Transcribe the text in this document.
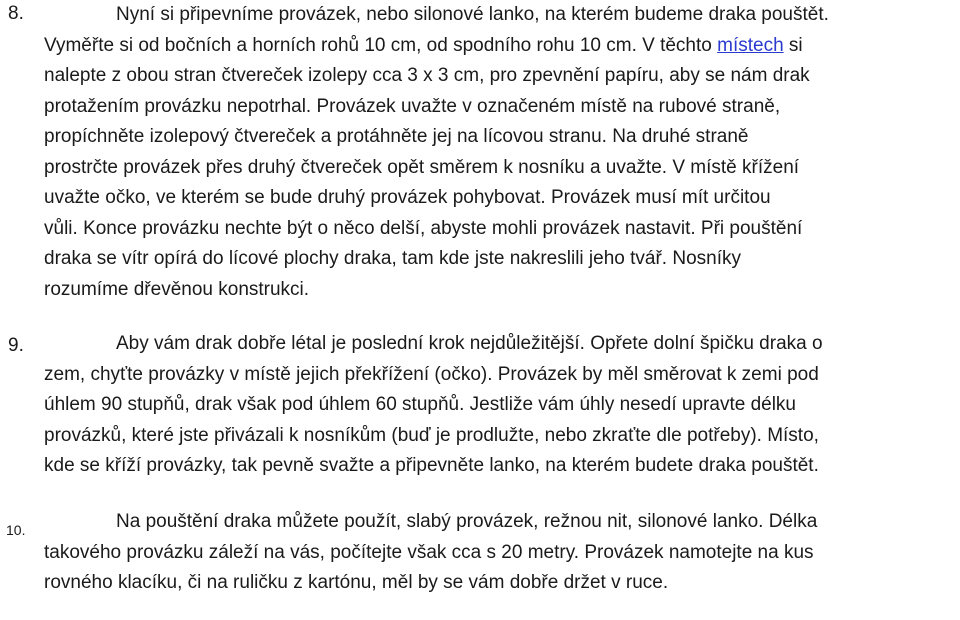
8.	Nyní si připevníme provázek, nebo silonové lanko, na kterém budeme draka pouštět.
Vyměřte si od bočních a horních rohů 10 cm, od spodního rohu 10 cm. V těchto místech si
nalepte z obou stran čtvereček izolepy cca 3 x 3 cm, pro zpevnění papíru, aby se nám drak
protažením provázku nepotrhal. Provázek uvažte v označeném místě na rubové straně,
propíchněte izolepový čtvereček a protáhněte jej na lícovou stranu. Na druhé straně
prostrčte provázek přes druhý čtvereček opět směrem k nosníku a uvažte. V místě křížení
uvažte očko, ve kterém se bude druhý provázek pohybovat. Provázek musí mít určitou
vůli. Konce provázku nechte být o něco delší, abyste mohli provázek nastavit. Při pouštění
draka se vítr opírá do lícové plochy draka, tam kde jste nakreslili jeho tvář. Nosníky
rozumíme dřevěnou konstrukci.
9.	Aby vám drak dobře létal je poslední krok nejdůležitější. Opřete dolní špičku draka o
zem, chyťte provázky v místě jejich překřížení (očko). Provázek by měl směrovat k zemi pod
úhlem 90 stupňů, drak však pod úhlem 60 stupňů. Jestliže vám úhly nesedí upravte délku
provázků, které jste přivázali k nosníkům (buď je prodlužte, nebo zkraťte dle potřeby). Místo,
kde se kříží provázky, tak pevně svažte a připevněte lanko, na kterém budete draka pouštět.
10.	Na pouštění draka můžete použít, slabý provázek, režnou nit, silonové lanko. Délka
takového provázku záleží na vás, počítejte však cca s 20 metry. Provázek namotejte na kus
rovného klacíku, či na ruličku z kartónu, měl by se vám dobře držet v ruce.
